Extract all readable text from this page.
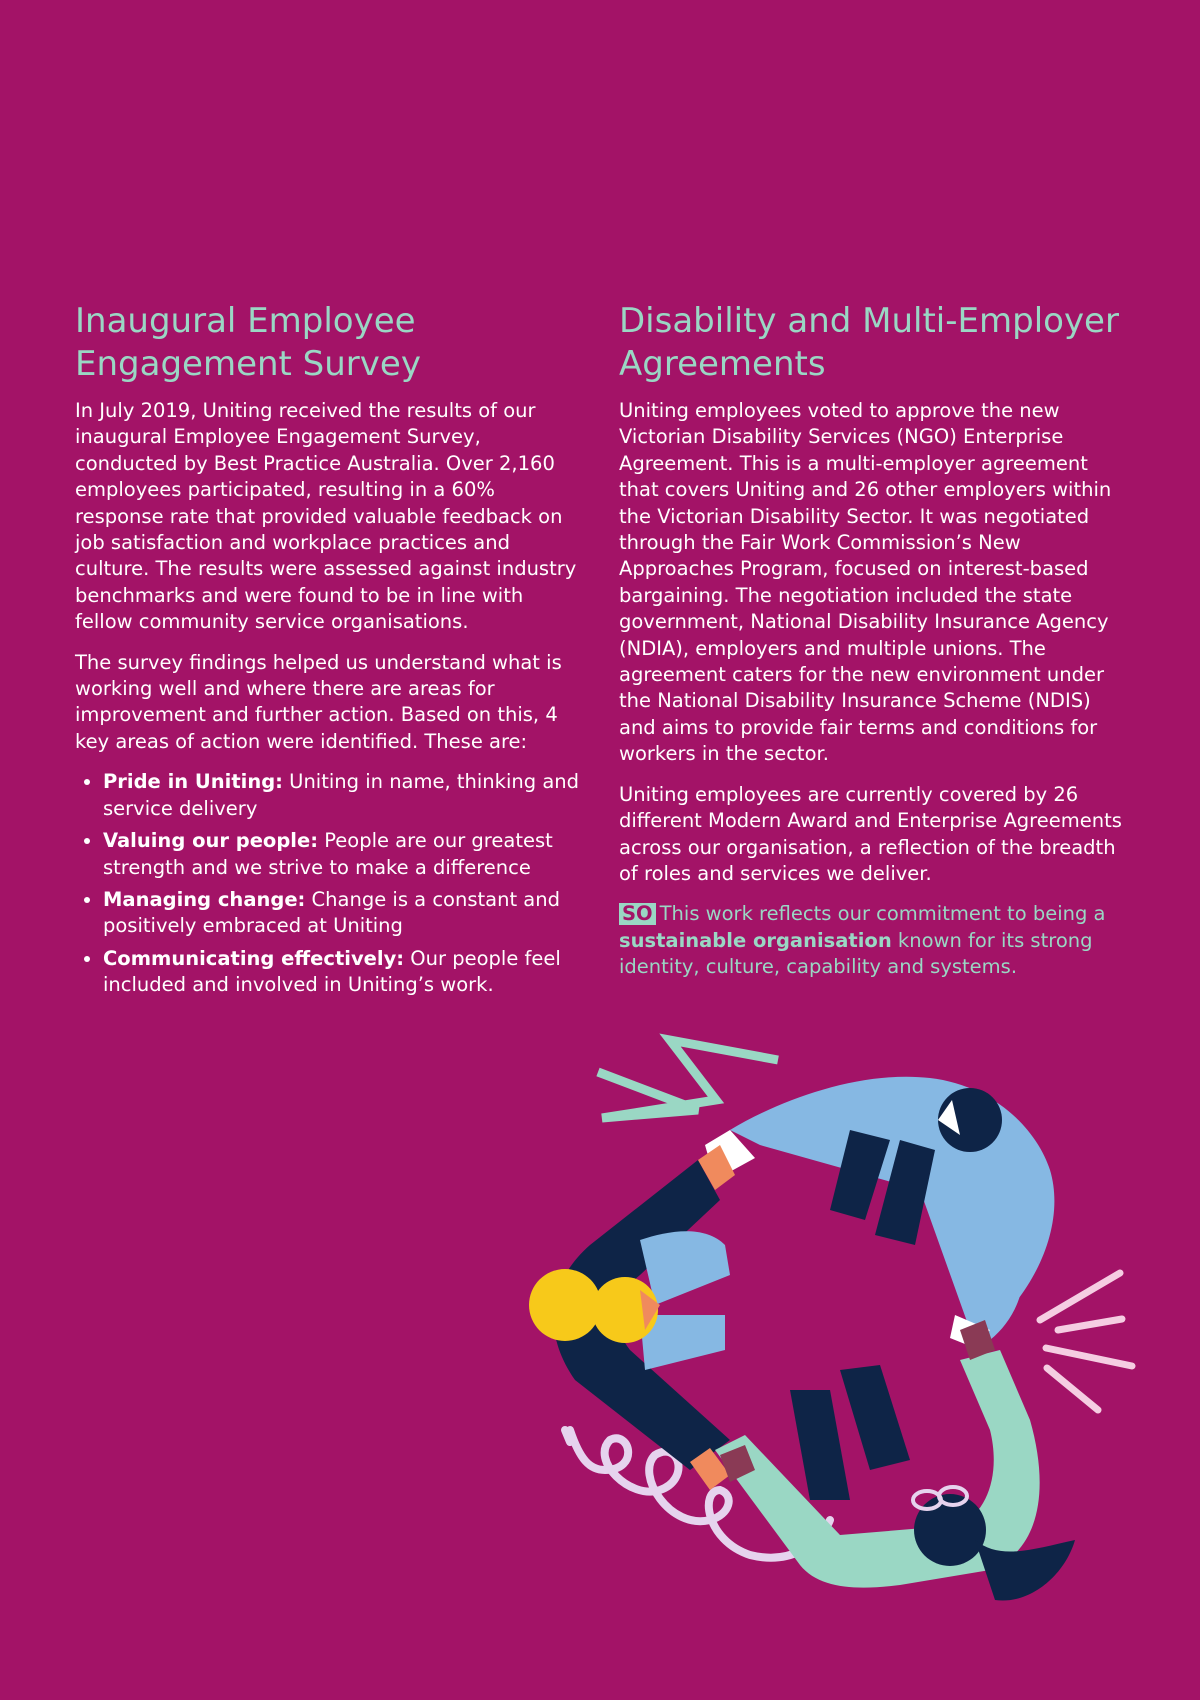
Inaugural Employee Engagement Survey

In July 2019, Uniting received the results of our inaugural Employee Engagement Survey, conducted by Best Practice Australia. Over 2,160 employees participated, resulting in a 60% response rate that provided valuable feedback on job satisfaction and workplace practices and culture. The results were assessed against industry benchmarks and were found to be in line with fellow community service organisations.

The survey findings helped us understand what is working well and where there are areas for improvement and further action. Based on this, 4 key areas of action were identified. These are:

• Pride in Uniting: Uniting in name, thinking and service delivery
• Valuing our people: People are our greatest strength and we strive to make a difference
• Managing change: Change is a constant and positively embraced at Uniting
• Communicating effectively: Our people feel included and involved in Uniting’s work.
Disability and Multi-Employer Agreements

Uniting employees voted to approve the new Victorian Disability Services (NGO) Enterprise Agreement. This is a multi-employer agreement that covers Uniting and 26 other employers within the Victorian Disability Sector. It was negotiated through the Fair Work Commission’s New Approaches Program, focused on interest-based bargaining. The negotiation included the state government, National Disability Insurance Agency (NDIA), employers and multiple unions. The agreement caters for the new environment under the National Disability Insurance Scheme (NDIS) and aims to provide fair terms and conditions for workers in the sector.

Uniting employees are currently covered by 26 different Modern Award and Enterprise Agreements across our organisation, a reflection of the breadth of roles and services we deliver.

SO This work reflects our commitment to being a sustainable organisation known for its strong identity, culture, capability and systems.
